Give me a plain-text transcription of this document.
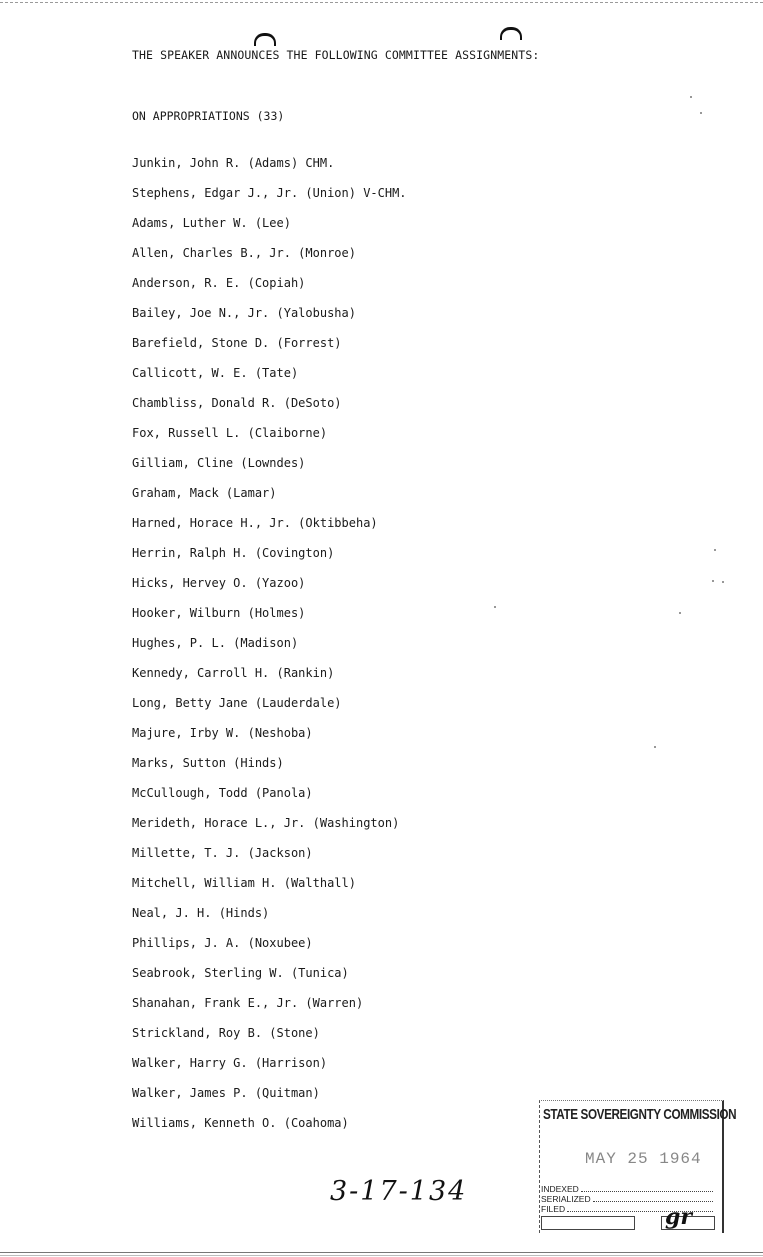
THE SPEAKER ANNOUNCES THE FOLLOWING COMMITTEE ASSIGNMENTS:
ON APPROPRIATIONS (33)
Junkin, John R. (Adams) CHM.
Stephens, Edgar J., Jr. (Union) V-CHM.
Adams, Luther W. (Lee)
Allen, Charles B., Jr. (Monroe)
Anderson, R. E. (Copiah)
Bailey, Joe N., Jr. (Yalobusha)
Barefield, Stone D. (Forrest)
Callicott, W. E. (Tate)
Chambliss, Donald R. (DeSoto)
Fox, Russell L. (Claiborne)
Gilliam, Cline (Lowndes)
Graham, Mack (Lamar)
Harned, Horace H., Jr. (Oktibbeha)
Herrin, Ralph H. (Covington)
Hicks, Hervey O. (Yazoo)
Hooker, Wilburn (Holmes)
Hughes, P. L. (Madison)
Kennedy, Carroll H. (Rankin)
Long, Betty Jane (Lauderdale)
Majure, Irby W. (Neshoba)
Marks, Sutton (Hinds)
McCullough, Todd (Panola)
Merideth, Horace L., Jr. (Washington)
Millette, T. J. (Jackson)
Mitchell, William H. (Walthall)
Neal, J. H. (Hinds)
Phillips, J. A. (Noxubee)
Seabrook, Sterling W. (Tunica)
Shanahan, Frank E., Jr. (Warren)
Strickland, Roy B. (Stone)
Walker, Harry G. (Harrison)
Walker, James P. (Quitman)
Williams, Kenneth O. (Coahoma)
3-17-134
STATE SOVEREIGNTY COMMISSION
MAY 25 1964
INDEXED
SERIALIZED
FILED	gr
